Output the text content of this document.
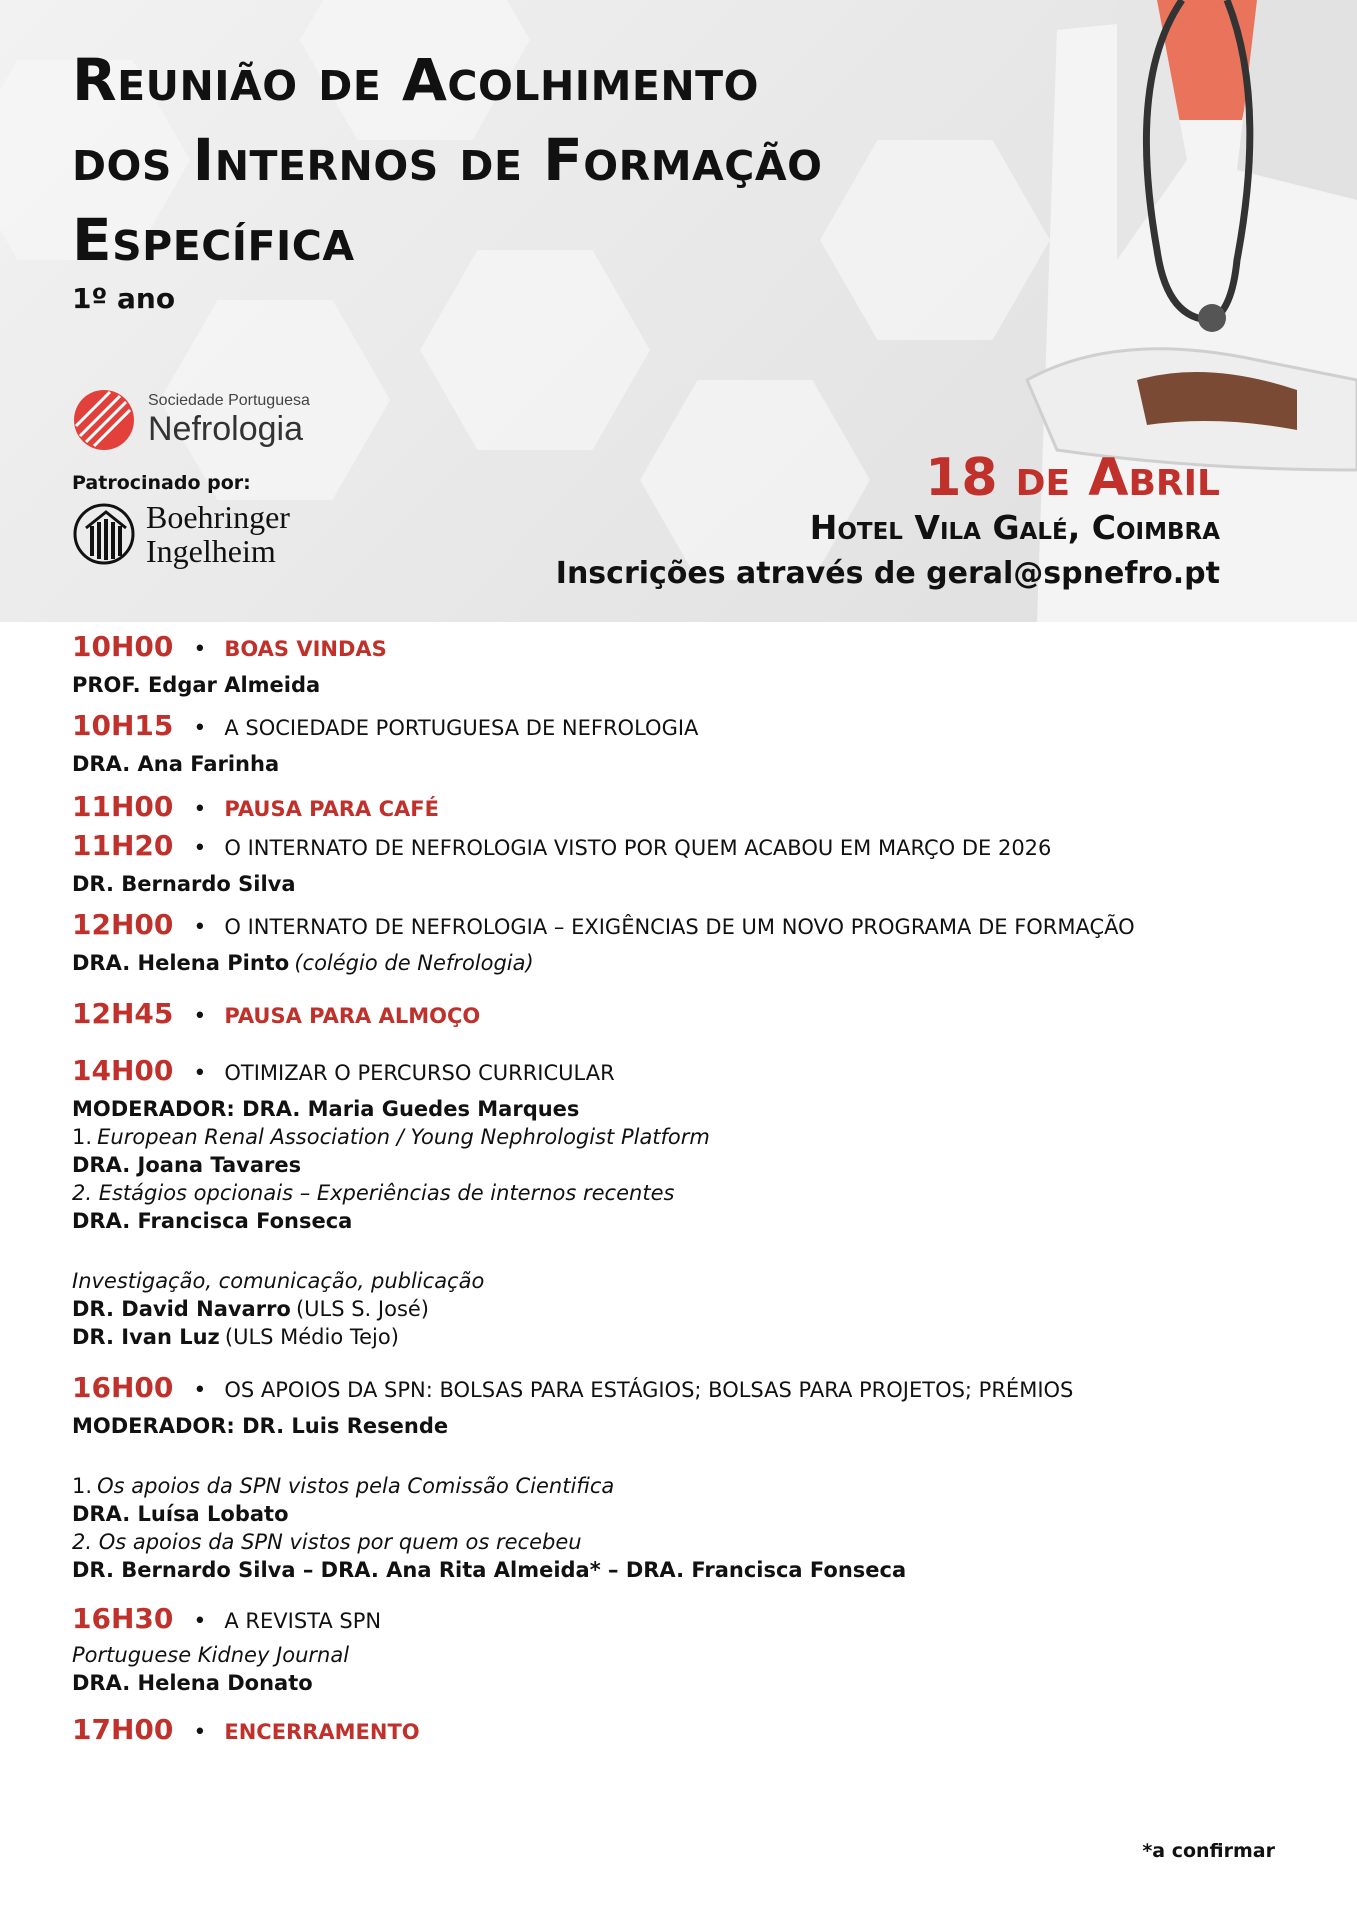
Reunião de Acolhimento
dos Internos de Formação
Específica
1º ano
Sociedade Portuguesa
Nefrologia
Patrocinado por:
Boehringer
Ingelheim
18 de Abril
Hotel Vila Galé, Coimbra
Inscrições através de geral@spnefro.pt
10H00 • BOAS VINDAS
PROF. Edgar Almeida
10H15 • A SOCIEDADE PORTUGUESA DE NEFROLOGIA
DRA. Ana Farinha
11H00 • PAUSA PARA CAFÉ
11H20 • O INTERNATO DE NEFROLOGIA VISTO POR QUEM ACABOU EM MARÇO DE 2026
DR. Bernardo Silva
12H00 • O INTERNATO DE NEFROLOGIA – EXIGÊNCIAS DE UM NOVO PROGRAMA DE FORMAÇÃO
DRA. Helena Pinto (colégio de Nefrologia)
12H45 • PAUSA PARA ALMOÇO
14H00 • OTIMIZAR O PERCURSO CURRICULAR
MODERADOR: DRA. Maria Guedes Marques
1. European Renal Association / Young Nephrologist Platform
DRA. Joana Tavares
2. Estágios opcionais – Experiências de internos recentes
DRA. Francisca Fonseca
Investigação, comunicação, publicação
DR. David Navarro (ULS S. José)
DR. Ivan Luz (ULS Médio Tejo)
16H00 • OS APOIOS DA SPN: BOLSAS PARA ESTÁGIOS; BOLSAS PARA PROJETOS; PRÉMIOS
MODERADOR: DR. Luis Resende
1. Os apoios da SPN vistos pela Comissão Cientifica
DRA. Luísa Lobato
2. Os apoios da SPN vistos por quem os recebeu
DR. Bernardo Silva – DRA. Ana Rita Almeida* – DRA. Francisca Fonseca
16H30 • A REVISTA SPN
Portuguese Kidney Journal
DRA. Helena Donato
17H00 • ENCERRAMENTO
*a confirmar
